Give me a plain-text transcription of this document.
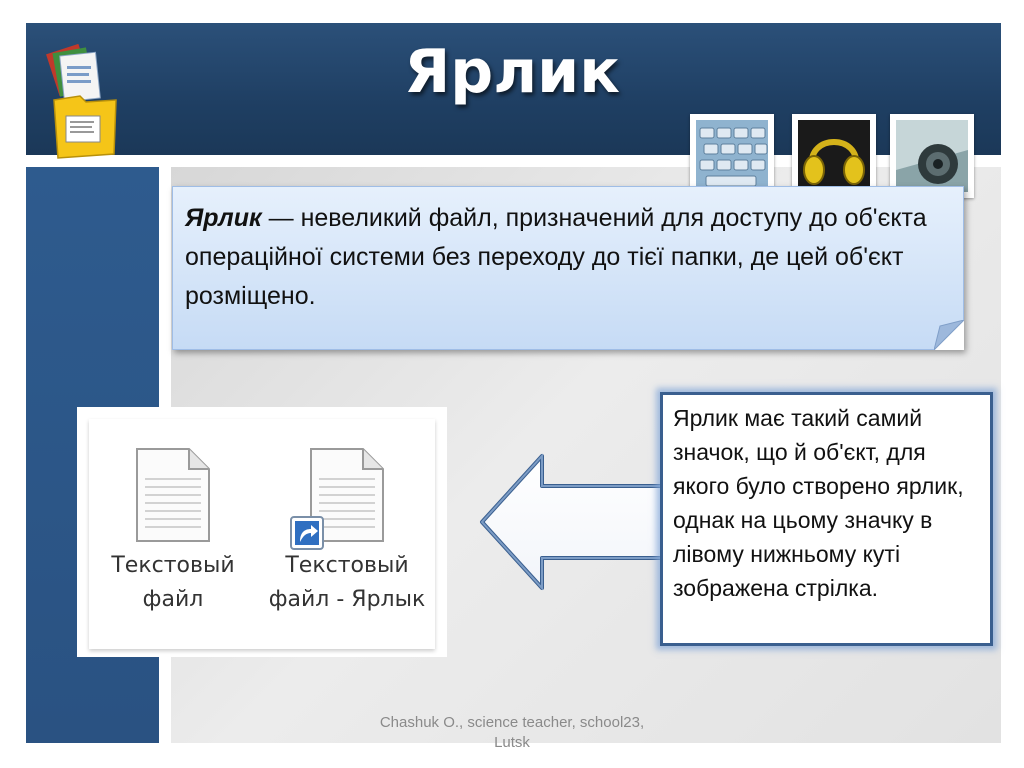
Ярлик
Ярлик — невеликий файл, призначений для доступу до об'єкта операційної системи без переходу до тієї папки, де цей об'єкт розміщено.
Текстовый
файл
Текстовый
файл - Ярлык
Ярлик має такий самий значок, що й об'єкт, для якого було створено ярлик, однак на цьому значку в лівому нижньому куті зображена стрілка.
Chashuk O., science teacher, school23,
Lutsk
